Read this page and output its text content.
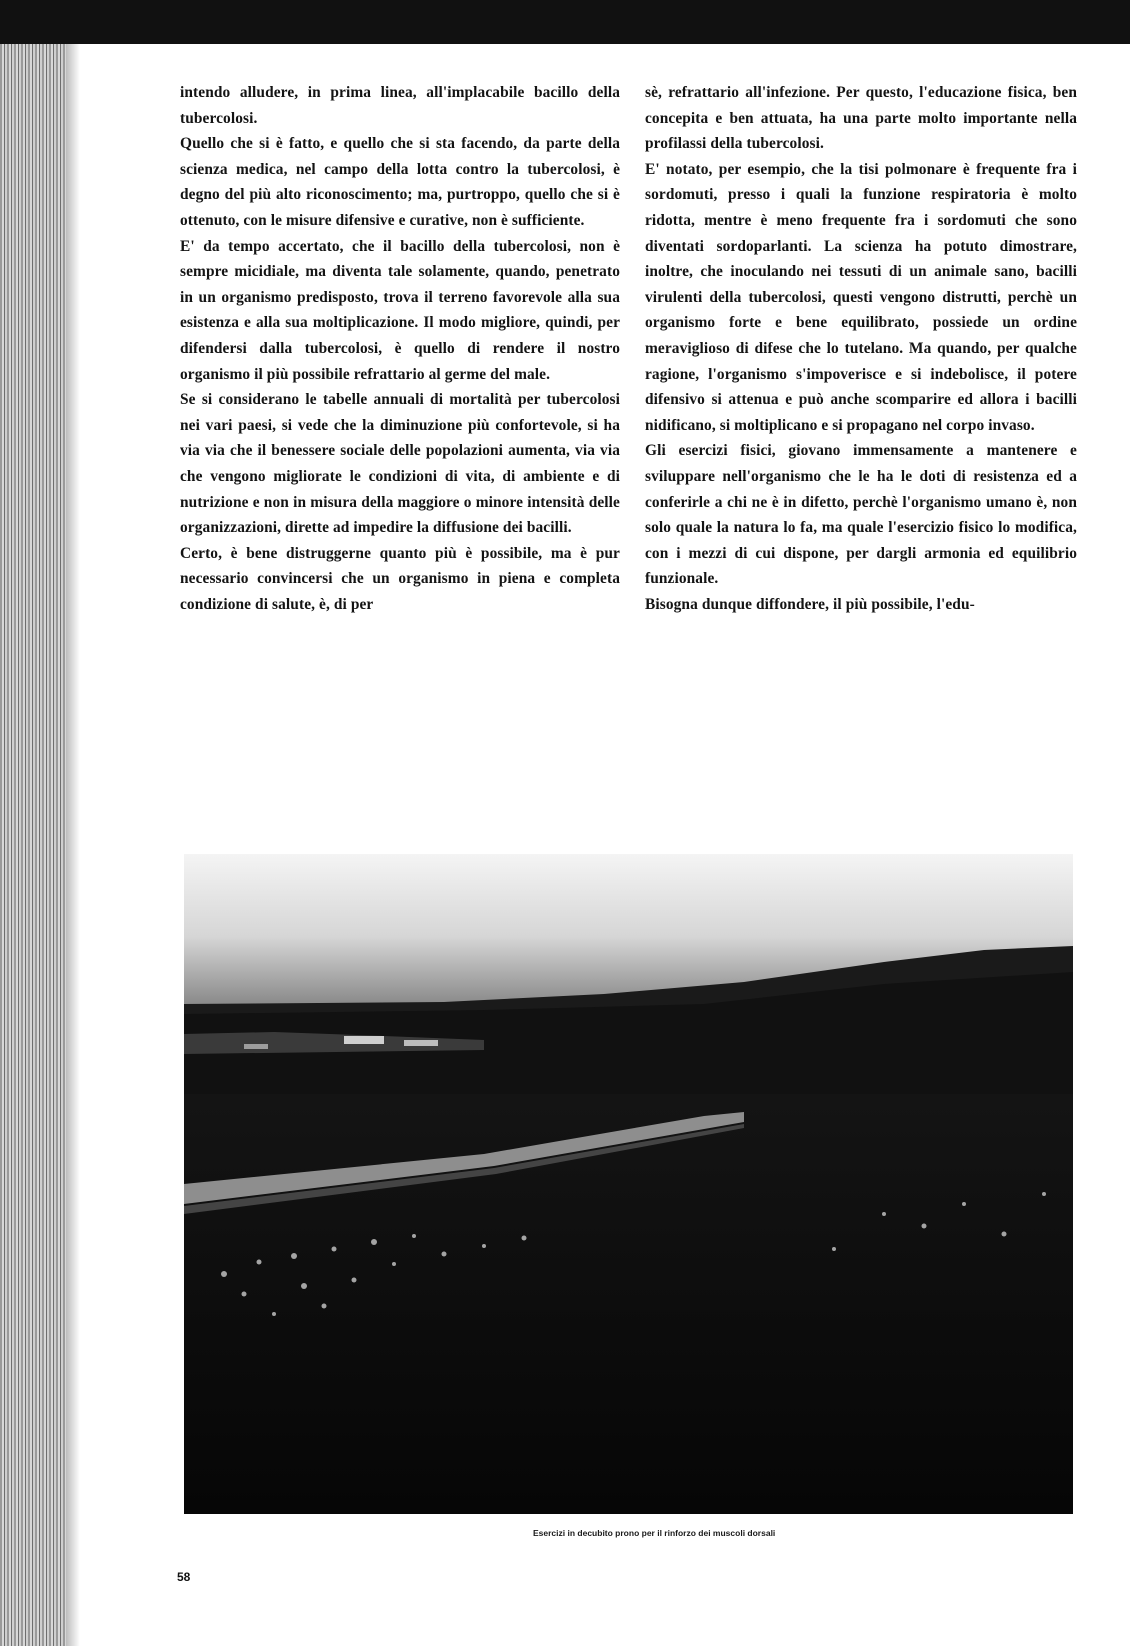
intendo alludere, in prima linea, all'implacabile bacillo della tubercolosi.

Quello che si è fatto, e quello che si sta facendo, da parte della scienza medica, nel campo della lotta contro la tubercolosi, è degno del più alto riconoscimento; ma, purtroppo, quello che si è ottenuto, con le misure difensive e curative, non è sufficiente.

E' da tempo accertato, che il bacillo della tubercolosi, non è sempre micidiale, ma diventa tale solamente, quando, penetrato in un organismo predisposto, trova il terreno favorevole alla sua esistenza e alla sua moltiplicazione. Il modo migliore, quindi, per difendersi dalla tubercolosi, è quello di rendere il nostro organismo il più possibile refrattario al germe del male.

Se si considerano le tabelle annuali di mortalità per tubercolosi nei vari paesi, si vede che la diminuzione più confortevole, si ha via via che il benessere sociale delle popolazioni aumenta, via via che vengono migliorate le condizioni di vita, di ambiente e di nutrizione e non in misura della maggiore o minore intensità delle organizzazioni, dirette ad impedire la diffusione dei bacilli.

Certo, è bene distruggerne quanto più è possibile, ma è pur necessario convincersi che un organismo in piena e completa condizione di salute, è, di per

sè, refrattario all'infezione. Per questo, l'educazione fisica, ben concepita e ben attuata, ha una parte molto importante nella profilassi della tubercolosi.

E' notato, per esempio, che la tisi polmonare è frequente fra i sordomuti, presso i quali la funzione respiratoria è molto ridotta, mentre è meno frequente fra i sordomuti che sono diventati sordoparlanti. La scienza ha potuto dimostrare, inoltre, che inoculando nei tessuti di un animale sano, bacilli virulenti della tubercolosi, questi vengono distrutti, perchè un organismo forte e bene equilibrato, possiede un ordine meraviglioso di difese che lo tutelano. Ma quando, per qualche ragione, l'organismo s'impoverisce e si indebolisce, il potere difensivo si attenua e può anche scomparire ed allora i bacilli nidificano, si moltiplicano e si propagano nel corpo invaso.

Gli esercizi fisici, giovano immensamente a mantenere e sviluppare nell'organismo che le ha le doti di resistenza ed a conferirle a chi ne è in difetto, perchè l'organismo umano è, non solo quale la natura lo fa, ma quale l'esercizio fisico lo modifica, con i mezzi di cui dispone, per dargli armonia ed equilibrio funzionale.

Bisogna dunque diffondere, il più possibile, l'edu-

Esercizi in decubito prono per il rinforzo dei muscoli dorsali
58
